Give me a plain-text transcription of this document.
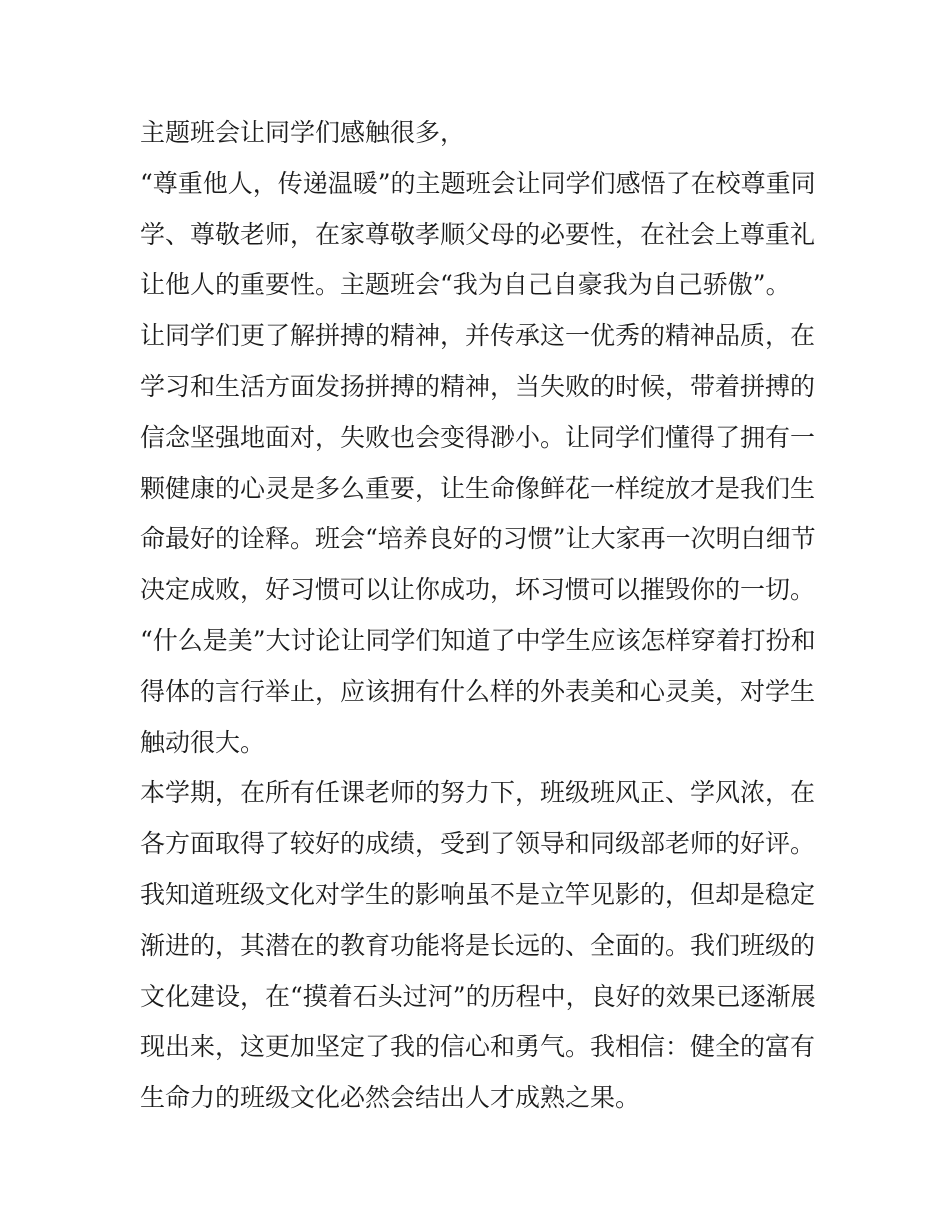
主题班会让同学们感触很多，
“尊重他人，传递温暖”的主题班会让同学们感悟了在校尊重同
学、尊敬老师，在家尊敬孝顺父母的必要性，在社会上尊重礼
让他人的重要性。主题班会“我为自己自豪我为自己骄傲”。
让同学们更了解拼搏的精神，并传承这一优秀的精神品质，在
学习和生活方面发扬拼搏的精神，当失败的时候，带着拼搏的
信念坚强地面对，失败也会变得渺小。让同学们懂得了拥有一
颗健康的心灵是多么重要，让生命像鲜花一样绽放才是我们生
命最好的诠释。班会“培养良好的习惯”让大家再一次明白细节
决定成败，好习惯可以让你成功，坏习惯可以摧毁你的一切。
“什么是美”大讨论让同学们知道了中学生应该怎样穿着打扮和
得体的言行举止，应该拥有什么样的外表美和心灵美，对学生
触动很大。
本学期，在所有任课老师的努力下，班级班风正、学风浓，在
各方面取得了较好的成绩，受到了领导和同级部老师的好评。
我知道班级文化对学生的影响虽不是立竿见影的，但却是稳定
渐进的，其潜在的教育功能将是长远的、全面的。我们班级的
文化建设，在“摸着石头过河”的历程中，良好的效果已逐渐展
现出来，这更加坚定了我的信心和勇气。我相信：健全的富有
生命力的班级文化必然会结出人才成熟之果。
